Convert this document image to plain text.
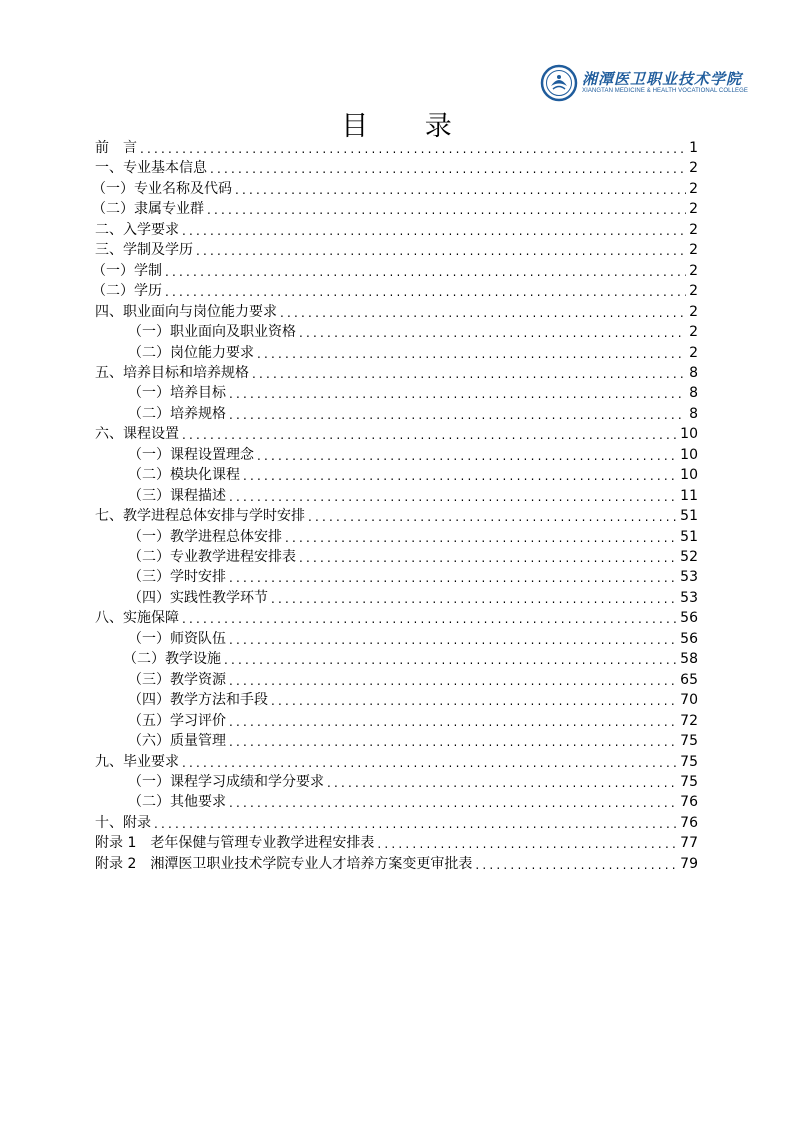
湘潭医卫职业技术学院
XIANGTAN MEDICINE & HEALTH VOCATIONAL COLLEGE
目 录
前　言 .....	1
一、专业基本信息 .....	2
（一）专业名称及代码 .....	2
（二）隶属专业群 .....	2
二、入学要求 .....	2
三、学制及学历 .....	2
（一）学制 .....	2
（二）学历 .....	2
四、职业面向与岗位能力要求 .....	2
（一）职业面向及职业资格 .....	2
（二）岗位能力要求 .....	2
五、培养目标和培养规格 .....	8
（一）培养目标 .....	8
（二）培养规格 .....	8
六、课程设置 .....	10
（一）课程设置理念 .....	10
（二）模块化课程 .....	10
（三）课程描述 .....	11
七、教学进程总体安排与学时安排 .....	51
（一）教学进程总体安排 .....	51
（二）专业教学进程安排表 .....	52
（三）学时安排 .....	53
（四）实践性教学环节 .....	53
八、实施保障 .....	56
（一）师资队伍 .....	56
（二）教学设施 .....	58
（三）教学资源 .....	65
（四）教学方法和手段 .....	70
（五）学习评价 .....	72
（六）质量管理 .....	75
九、毕业要求 .....	75
（一）课程学习成绩和学分要求 .....	75
（二）其他要求 .....	76
十、附录 .....	76
附录 1　老年保健与管理专业教学进程安排表 .....	77
附录 2　湘潭医卫职业技术学院专业人才培养方案变更审批表 .....	79
